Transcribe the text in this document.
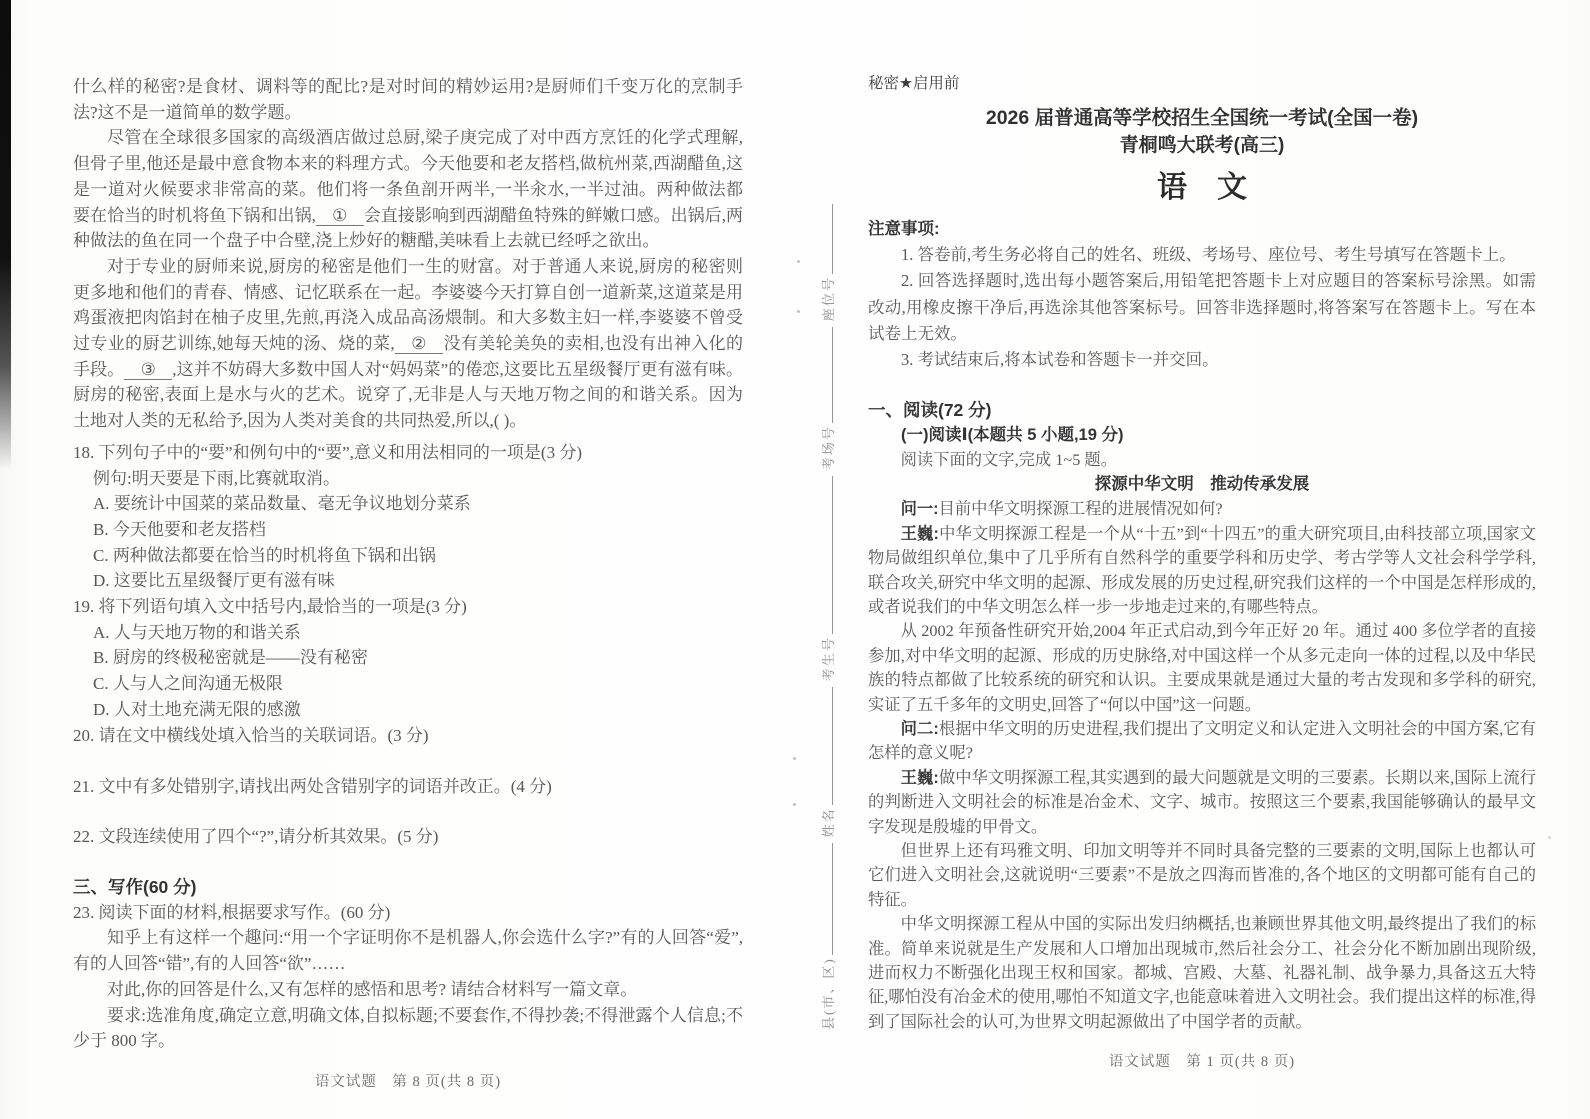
什么样的秘密?是食材、调料等的配比?是对时间的精妙运用?是厨师们千变万化的烹制手法?这不是一道简单的数学题。

尽管在全球很多国家的高级酒店做过总厨,梁子庚完成了对中西方烹饪的化学式理解,但骨子里,他还是最中意食物本来的料理方式。今天他要和老友搭档,做杭州菜,西湖醋鱼,这是一道对火候要求非常高的菜。他们将一条鱼剖开两半,一半汆水,一半过油。两种做法都要在恰当的时机将鱼下锅和出锅, ① 会直接影响到西湖醋鱼特殊的鲜嫩口感。出锅后,两种做法的鱼在同一个盘子中合壁,浇上炒好的糖醋,美味看上去就已经呼之欲出。

对于专业的厨师来说,厨房的秘密是他们一生的财富。对于普通人来说,厨房的秘密则更多地和他们的青春、情感、记忆联系在一起。李婆婆今天打算自创一道新菜,这道菜是用鸡蛋液把肉馅封在柚子皮里,先煎,再浇入成品高汤煨制。和大多数主妇一样,李婆婆不曾受过专业的厨艺训练,她每天炖的汤、烧的菜, ② 没有美轮美奂的卖相,也没有出神入化的手段。 ③ ,这并不妨碍大多数中国人对“妈妈菜”的倦恋,这要比五星级餐厅更有滋有味。厨房的秘密,表面上是水与火的艺术。说穿了,无非是人与天地万物之间的和谐关系。因为土地对人类的无私给予,因为人类对美食的共同热爱,所以,( )。

18. 下列句子中的“要”和例句中的“要”,意义和用法相同的一项是(3 分)

例句:明天要是下雨,比赛就取消。

A. 要统计中国菜的菜品数量、毫无争议地划分菜系

B. 今天他要和老友搭档

C. 两种做法都要在恰当的时机将鱼下锅和出锅

D. 这要比五星级餐厅更有滋有味

19. 将下列语句填入文中括号内,最恰当的一项是(3 分)

A. 人与天地万物的和谐关系

B. 厨房的终极秘密就是——没有秘密

C. 人与人之间沟通无极限

D. 人对土地充满无限的感激

20. 请在文中横线处填入恰当的关联词语。(3 分)

21. 文中有多处错别字,请找出两处含错别字的词语并改正。(4 分)

22. 文段连续使用了四个“?”,请分析其效果。(5 分)

三、写作(60 分)

23. 阅读下面的材料,根据要求写作。(60 分)

知乎上有这样一个趣问:“用一个字证明你不是机器人,你会选什么字?”有的人回答“爱”,有的人回答“错”,有的人回答“欲”……

对此,你的回答是什么,又有怎样的感悟和思考? 请结合材料写一篇文章。

要求:选准角度,确定立意,明确文体,自拟标题;不要套作,不得抄袭;不得泄露个人信息;不少于 800 字。

语文试题　第 8 页(共 8 页)
县(市、区)姓名考生号考场号座位号

秘密★启用前

2026 届普通高等学校招生全国统一考试(全国一卷)
青桐鸣大联考(高三)
语文

注意事项:

1. 答卷前,考生务必将自己的姓名、班级、考场号、座位号、考生号填写在答题卡上。

2. 回答选择题时,选出每小题答案后,用铅笔把答题卡上对应题目的答案标号涂黑。如需改动,用橡皮擦干净后,再选涂其他答案标号。回答非选择题时,将答案写在答题卡上。写在本试卷上无效。

3. 考试结束后,将本试卷和答题卡一并交回。

一、阅读(72 分)

(一)阅读Ⅰ(本题共 5 小题,19 分)

阅读下面的文字,完成 1~5 题。

探源中华文明　推动传承发展

问一:目前中华文明探源工程的进展情况如何?

王巍:中华文明探源工程是一个从“十五”到“十四五”的重大研究项目,由科技部立项,国家文物局做组织单位,集中了几乎所有自然科学的重要学科和历史学、考古学等人文社会科学学科,联合攻关,研究中华文明的起源、形成发展的历史过程,研究我们这样的一个中国是怎样形成的,或者说我们的中华文明怎么样一步一步地走过来的,有哪些特点。

从 2002 年预备性研究开始,2004 年正式启动,到今年正好 20 年。通过 400 多位学者的直接参加,对中华文明的起源、形成的历史脉络,对中国这样一个从多元走向一体的过程,以及中华民族的特点都做了比较系统的研究和认识。主要成果就是通过大量的考古发现和多学科的研究,实证了五千多年的文明史,回答了“何以中国”这一问题。

问二:根据中华文明的历史进程,我们提出了文明定义和认定进入文明社会的中国方案,它有怎样的意义呢?

王巍:做中华文明探源工程,其实遇到的最大问题就是文明的三要素。长期以来,国际上流行的判断进入文明社会的标准是冶金术、文字、城市。按照这三个要素,我国能够确认的最早文字发现是殷墟的甲骨文。

但世界上还有玛雅文明、印加文明等并不同时具备完整的三要素的文明,国际上也都认可它们进入文明社会,这就说明“三要素”不是放之四海而皆准的,各个地区的文明都可能有自己的特征。

中华文明探源工程从中国的实际出发归纳概括,也兼顾世界其他文明,最终提出了我们的标准。简单来说就是生产发展和人口增加出现城市,然后社会分工、社会分化不断加剧出现阶级,进而权力不断强化出现王权和国家。都城、宫殿、大墓、礼器礼制、战争暴力,具备这五大特征,哪怕没有冶金术的使用,哪怕不知道文字,也能意味着进入文明社会。我们提出这样的标准,得到了国际社会的认可,为世界文明起源做出了中国学者的贡献。

语文试题　第 1 页(共 8 页)
